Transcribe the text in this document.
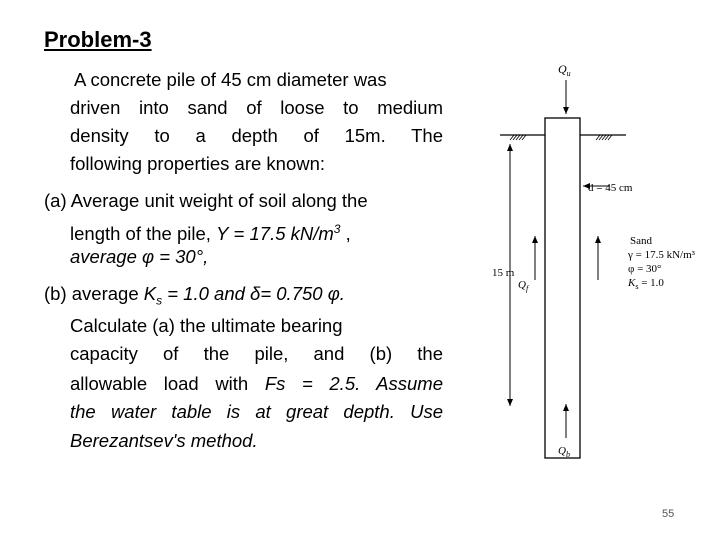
Problem-3
A concrete pile of 45 cm diameter was
driven into sand of loose to medium
density to a depth of 15m. The
following properties are known:
(a) Average unit weight of soil along the
length of the pile, Υ = 17.5 $kN/m^3$ ,
average φ = 30°,
(b) average $K_s = 1.0$ and δ= 0.750 φ.
Calculate (a) the ultimate bearing
capacity of the pile, and (b) the
allowable load with Fs = 2.5. Assume
the water table is at great depth. Use
Berezantsev's method.
$Q_u$
d = 45 cm
15 m
$Q_f$
Sand
γ = 17.5 kN/m³
φ = 30°
$K_s = 1.0$
$Q_b$
55
